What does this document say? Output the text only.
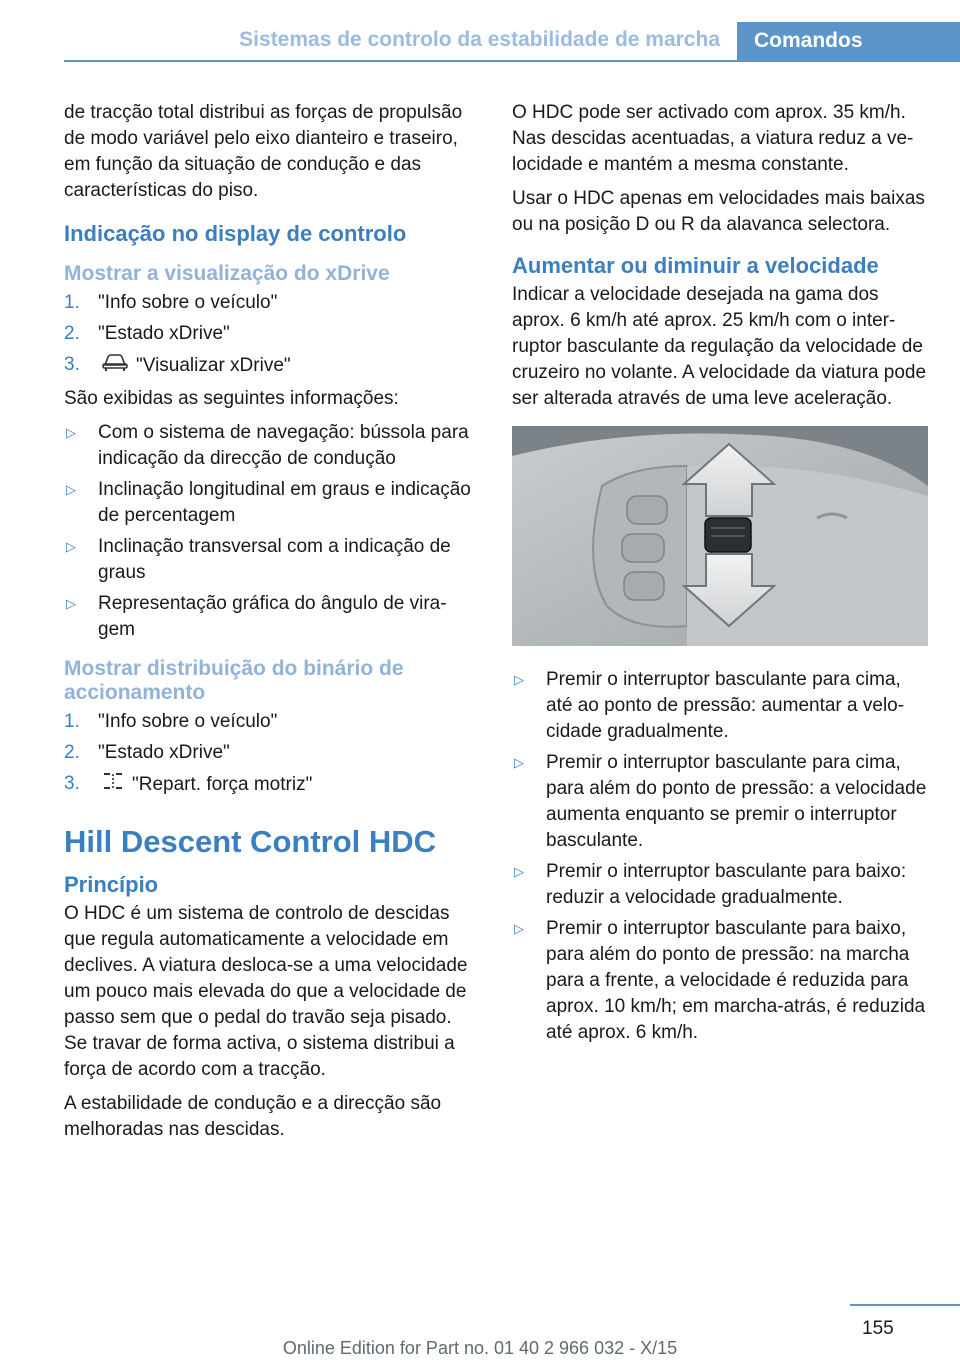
Sistemas de controlo da estabilidade de marcha Comandos

de tracção total distribui as forças de propulsão de modo variável pelo eixo dianteiro e traseiro, em função da situação de condução e das características do piso.

Indicação no display de controlo
Mostrar a visualização do xDrive
1. "Info sobre o veículo"
2. "Estado xDrive"
3.	"Visualizar xDrive"

São exibidas as seguintes informações:

▷ Com o sistema de navegação: bússola para indicação da direcção de condução
▷ Inclinação longitudinal em graus e indicação de percentagem
▷ Inclinação transversal com a indicação de graus
▷ Representação gráfica do ângulo de viragem
Mostrar distribuição do binário de accionamento
1. "Info sobre o veículo"
2. "Estado xDrive"
3.	"Repart. força motriz"
Hill Descent Control HDC
Princípio

O HDC é um sistema de controlo de descidas que regula automaticamente a velocidade em declives. A viatura desloca-se a uma velocidade um pouco mais elevada do que a velocidade de passo sem que o pedal do travão seja pisado. Se travar de forma activa, o sistema distribui a força de acordo com a tracção.

A estabilidade de condução e a direcção são melhoradas nas descidas.

O HDC pode ser activado com aprox. 35 km/h. Nas descidas acentuadas, a viatura reduz a velocidade e mantém a mesma constante.

Usar o HDC apenas em velocidades mais baixas ou na posição D ou R da alavanca selectora.

Aumentar ou diminuir a velocidade

Indicar a velocidade desejada na gama dos aprox. 6 km/h até aprox. 25 km/h com o interruptor basculante da regulação da velocidade de cruzeiro no volante. A velocidade da viatura pode ser alterada através de uma leve aceleração.

▷ Premir o interruptor basculante para cima, até ao ponto de pressão: aumentar a velocidade gradualmente.
▷ Premir o interruptor basculante para cima, para além do ponto de pressão: a velocidade aumenta enquanto se premir o interruptor basculante.
▷ Premir o interruptor basculante para baixo: reduzir a velocidade gradualmente.
▷ Premir o interruptor basculante para baixo, para além do ponto de pressão: na marcha para a frente, a velocidade é reduzida para aprox. 10 km/h; em marcha-atrás, é reduzida até aprox. 6 km/h.
155
Online Edition for Part no. 01 40 2 966 032 - X/15
